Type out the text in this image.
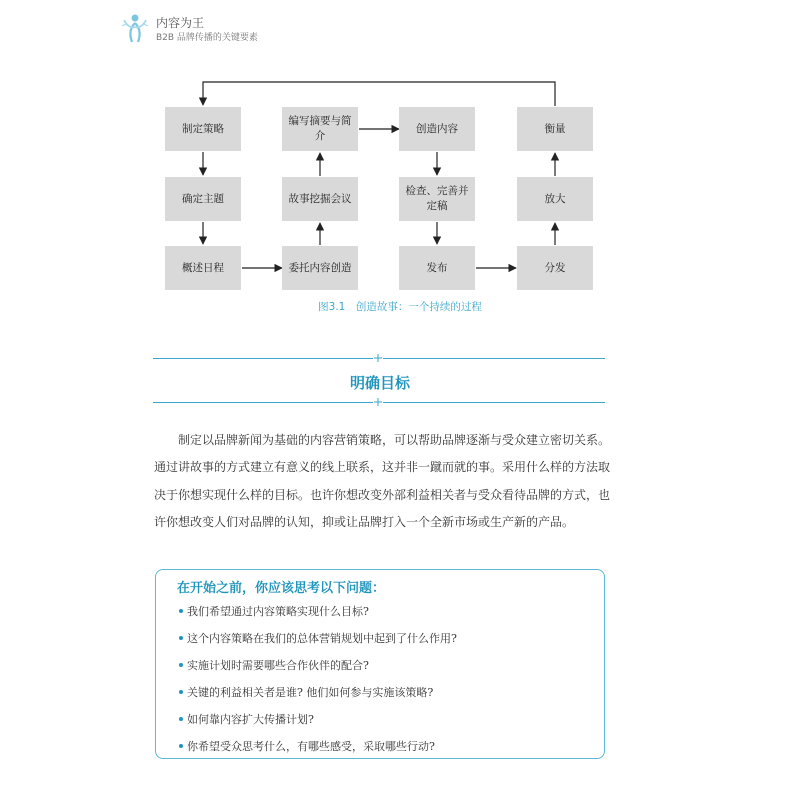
内容为王
B2B 品牌传播的关键要素
制定策略
确定主题
概述日程
编写摘要与简介
故事挖掘会议
委托内容创造
创造内容
检查、完善并定稿
发布
衡量
放大
分发
图3.1　创造故事：一个持续的过程
明确目标

制定以品牌新闻为基础的内容营销策略，可以帮助品牌逐渐与受众建立密切关系。通过讲故事的方式建立有意义的线上联系，这并非一蹴而就的事。采用什么样的方法取决于你想实现什么样的目标。也许你想改变外部利益相关者与受众看待品牌的方式，也许你想改变人们对品牌的认知，抑或让品牌打入一个全新市场或生产新的产品。

在开始之前，你应该思考以下问题：
我们希望通过内容策略实现什么目标?
这个内容策略在我们的总体营销规划中起到了什么作用?
实施计划时需要哪些合作伙伴的配合?
关键的利益相关者是谁? 他们如何参与实施该策略?
如何靠内容扩大传播计划?
你希望受众思考什么，有哪些感受，采取哪些行动?
